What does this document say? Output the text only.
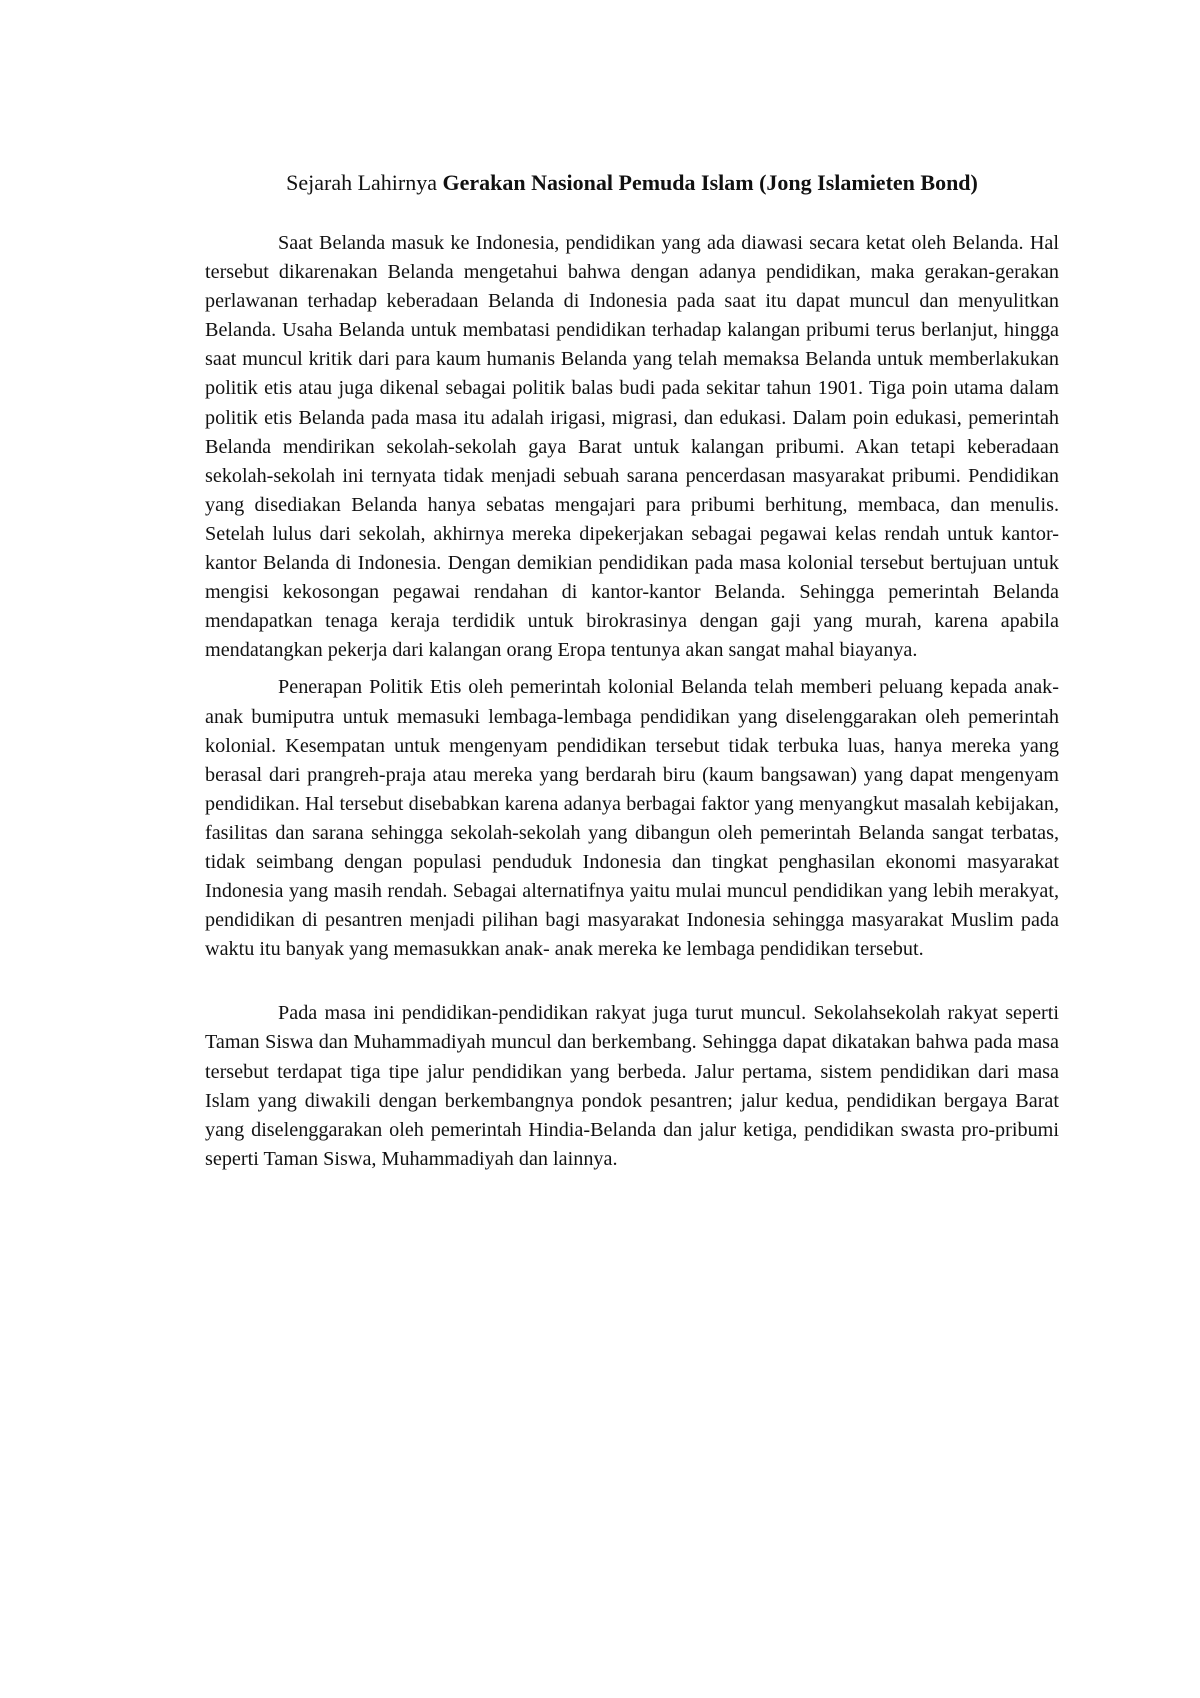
Sejarah Lahirnya Gerakan Nasional Pemuda Islam (Jong Islamieten Bond)

Saat Belanda masuk ke Indonesia, pendidikan yang ada diawasi secara ketat oleh Belanda. Hal tersebut dikarenakan Belanda mengetahui bahwa dengan adanya pendidikan, maka gerakan-gerakan perlawanan terhadap keberadaan Belanda di Indonesia pada saat itu dapat muncul dan menyulitkan Belanda. Usaha Belanda untuk membatasi pendidikan terhadap kalangan pribumi terus berlanjut, hingga saat muncul kritik dari para kaum humanis Belanda yang telah memaksa Belanda untuk memberlakukan politik etis atau juga dikenal sebagai politik balas budi pada sekitar tahun 1901. Tiga poin utama dalam politik etis Belanda pada masa itu adalah irigasi, migrasi, dan edukasi. Dalam poin edukasi, pemerintah Belanda mendirikan sekolah-sekolah gaya Barat untuk kalangan pribumi. Akan tetapi keberadaan sekolah-sekolah ini ternyata tidak menjadi sebuah sarana pencerdasan masyarakat pribumi. Pendidikan yang disediakan Belanda hanya sebatas mengajari para pribumi berhitung, membaca, dan menulis. Setelah lulus dari sekolah, akhirnya mereka dipekerjakan sebagai pegawai kelas rendah untuk kantor-kantor Belanda di Indonesia. Dengan demikian pendidikan pada masa kolonial tersebut bertujuan untuk mengisi kekosongan pegawai rendahan di kantor-kantor Belanda. Sehingga pemerintah Belanda mendapatkan tenaga keraja terdidik untuk birokrasinya dengan gaji yang murah, karena apabila mendatangkan pekerja dari kalangan orang Eropa tentunya akan sangat mahal biayanya.

Penerapan Politik Etis oleh pemerintah kolonial Belanda telah memberi peluang kepada anak-anak bumiputra untuk memasuki lembaga-lembaga pendidikan yang diselenggarakan oleh pemerintah kolonial. Kesempatan untuk mengenyam pendidikan tersebut tidak terbuka luas, hanya mereka yang berasal dari prangreh-praja atau mereka yang berdarah biru (kaum bangsawan) yang dapat mengenyam pendidikan. Hal tersebut disebabkan karena adanya berbagai faktor yang menyangkut masalah kebijakan, fasilitas dan sarana sehingga sekolah-sekolah yang dibangun oleh pemerintah Belanda sangat terbatas, tidak seimbang dengan populasi penduduk Indonesia dan tingkat penghasilan ekonomi masyarakat Indonesia yang masih rendah. Sebagai alternatifnya yaitu mulai muncul pendidikan yang lebih merakyat, pendidikan di pesantren menjadi pilihan bagi masyarakat Indonesia sehingga masyarakat Muslim pada waktu itu banyak yang memasukkan anak- anak mereka ke lembaga pendidikan tersebut.

Pada masa ini pendidikan-pendidikan rakyat juga turut muncul. Sekolahsekolah rakyat seperti Taman Siswa dan Muhammadiyah muncul dan berkembang. Sehingga dapat dikatakan bahwa pada masa tersebut terdapat tiga tipe jalur pendidikan yang berbeda. Jalur pertama, sistem pendidikan dari masa Islam yang diwakili dengan berkembangnya pondok pesantren; jalur kedua, pendidikan bergaya Barat yang diselenggarakan oleh pemerintah Hindia-Belanda dan jalur ketiga, pendidikan swasta pro-pribumi seperti Taman Siswa, Muhammadiyah dan lainnya.
